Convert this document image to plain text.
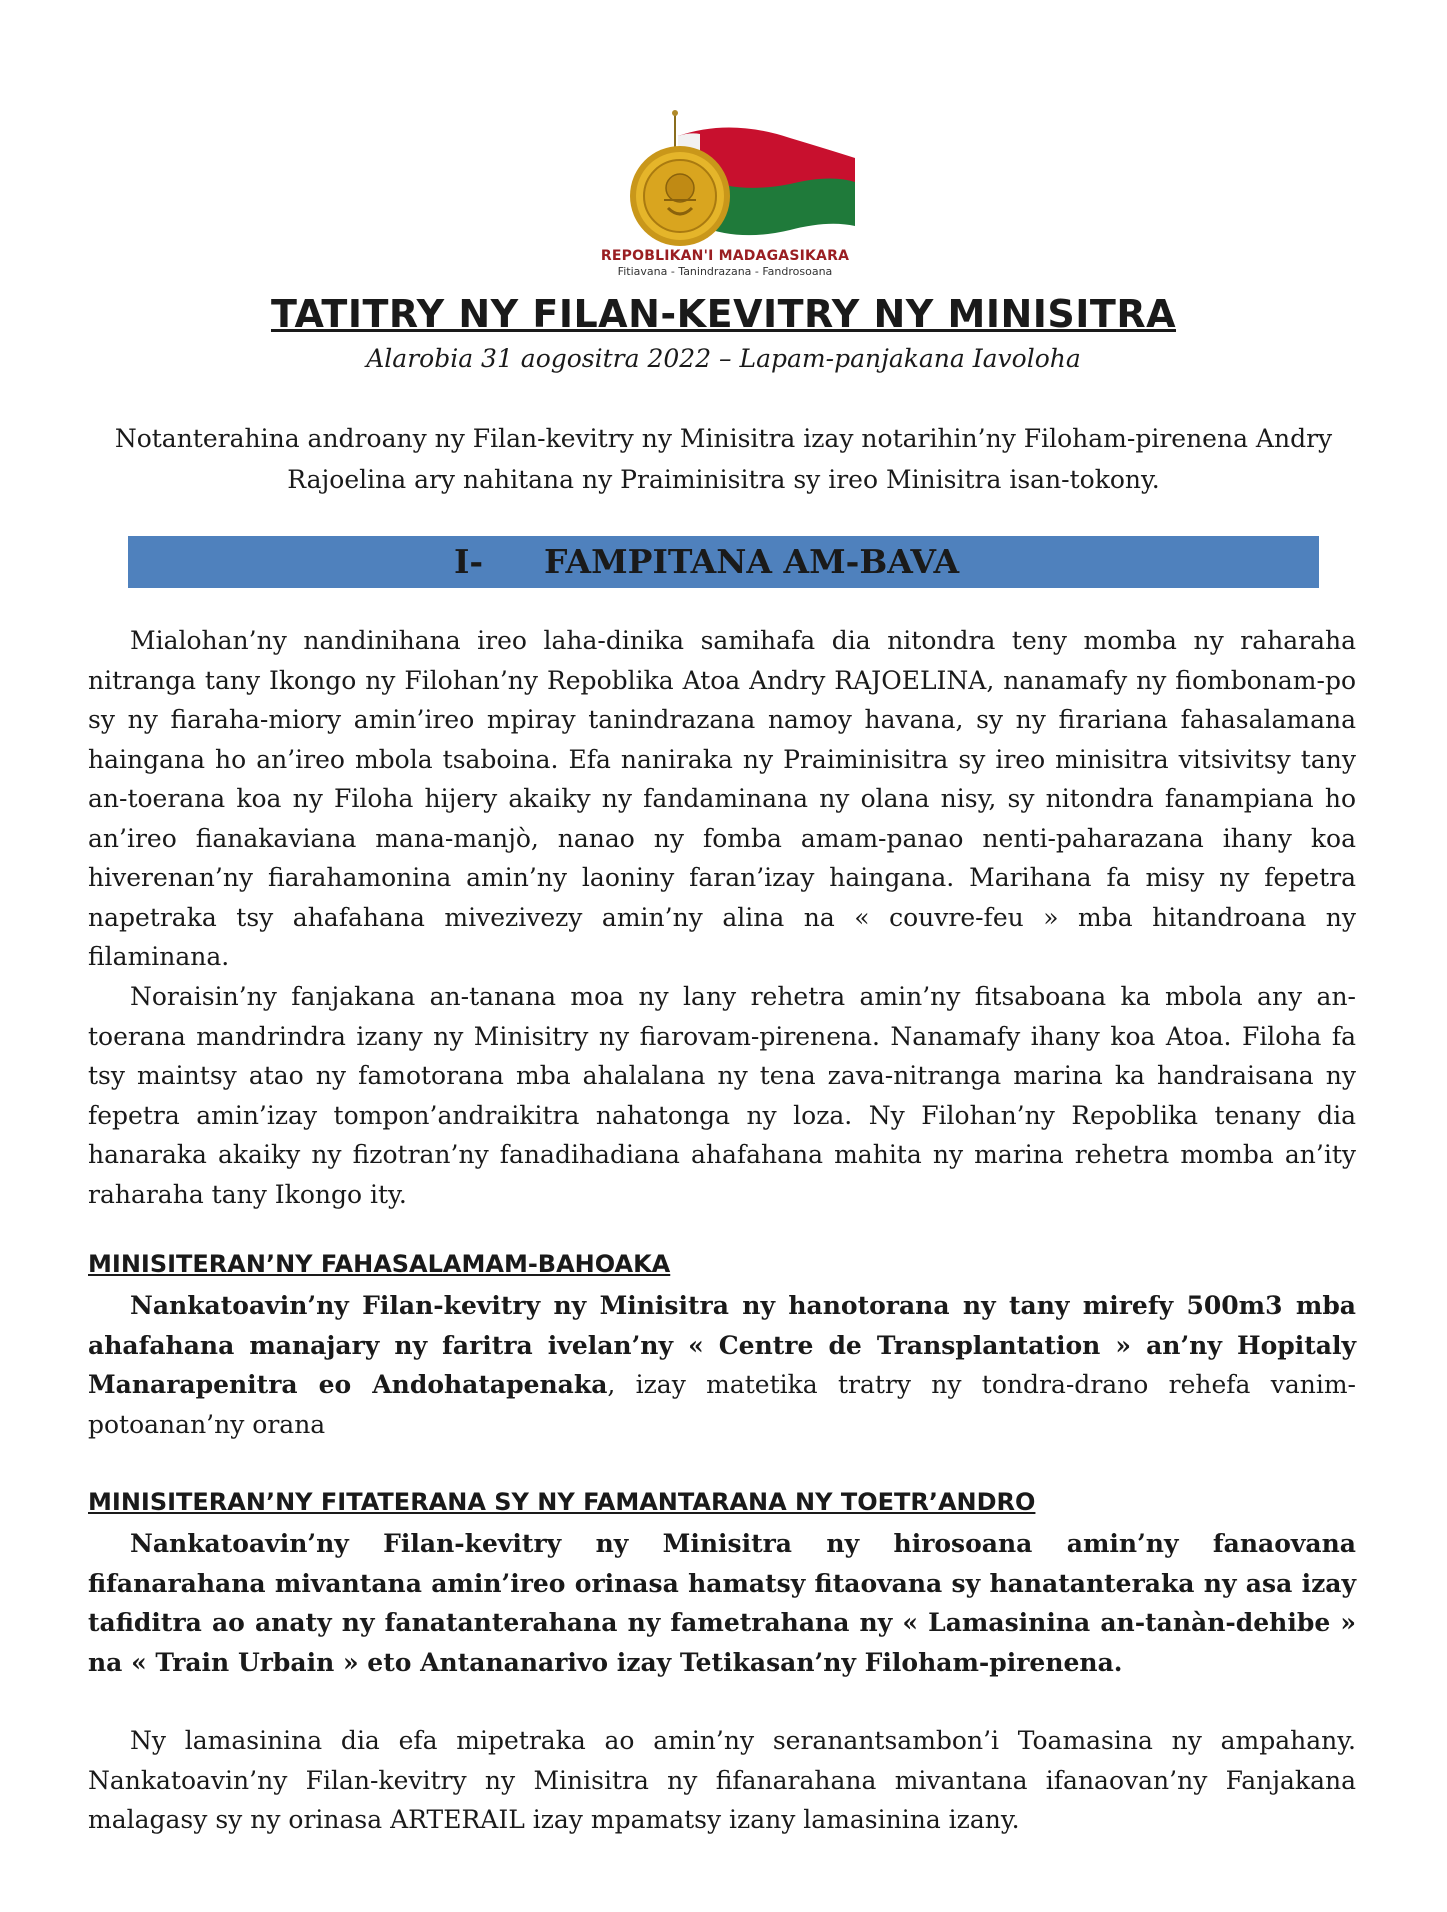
REPOBLIKAN'I MADAGASIKARA
Fitiavana - Tanindrazana - Fandrosoana
TATITRY NY FILAN-KEVITRY NY MINISITRA
Alarobia 31 aogositra 2022 – Lapam-panjakana Iavoloha
Notanterahina androany ny Filan-kevitry ny Minisitra izay notarihin’ny Filoham-pirenena Andry Rajoelina ary nahitana ny Praiminisitra sy ireo Minisitra isan-tokony.
I- FAMPITANA AM-BAVA
Mialohan’ny nandinihana ireo laha-dinika samihafa dia nitondra teny momba ny raharaha nitranga tany Ikongo ny Filohan’ny Repoblika Atoa Andry RAJOELINA, nanamafy ny fiombonam-po sy ny fiaraha-miory amin’ireo mpiray tanindrazana namoy havana, sy ny firariana fahasalamana haingana ho an’ireo mbola tsaboina. Efa naniraka ny Praiminisitra sy ireo minisitra vitsivitsy tany an-toerana koa ny Filoha hijery akaiky ny fandaminana ny olana nisy, sy nitondra fanampiana ho an’ireo fianakaviana mana-manjò, nanao ny fomba amam-panao nenti-paharazana ihany koa hiverenan’ny fiarahamonina amin’ny laoniny faran’izay haingana. Marihana fa misy ny fepetra napetraka tsy ahafahana mivezivezy amin’ny alina na « couvre-feu » mba hitandroana ny filaminana.
Noraisin’ny fanjakana an-tanana moa ny lany rehetra amin’ny fitsaboana ka mbola any an-toerana mandrindra izany ny Minisitry ny fiarovam-pirenena. Nanamafy ihany koa Atoa. Filoha fa tsy maintsy atao ny famotorana mba ahalalana ny tena zava-nitranga marina ka handraisana ny fepetra amin’izay tompon’andraikitra nahatonga ny loza. Ny Filohan’ny Repoblika tenany dia hanaraka akaiky ny fizotran’ny fanadihadiana ahafahana mahita ny marina rehetra momba an’ity raharaha tany Ikongo ity.
MINISITERAN’NY FAHASALAMAM-BAHOAKA
Nankatoavin’ny Filan-kevitry ny Minisitra ny hanotorana ny tany mirefy 500m3 mba ahafahana manajary ny faritra ivelan’ny « Centre de Transplantation » an’ny Hopitaly Manarapenitra eo Andohatapenaka, izay matetika tratry ny tondra-drano rehefa vanim-potoanan’ny orana
MINISITERAN’NY FITATERANA SY NY FAMANTARANA NY TOETR’ANDRO
Nankatoavin’ny Filan-kevitry ny Minisitra ny hirosoana amin’ny fanaovana fifanarahana mivantana amin’ireo orinasa hamatsy fitaovana sy hanatanteraka ny asa izay tafiditra ao anaty ny fanatanterahana ny fametrahana ny « Lamasinina an-tanàn-dehibe » na « Train Urbain » eto Antananarivo izay Tetikasan’ny Filoham-pirenena.
Ny lamasinina dia efa mipetraka ao amin’ny seranantsambon’i Toamasina ny ampahany. Nankatoavin’ny Filan-kevitry ny Minisitra ny fifanarahana mivantana ifanaovan’ny Fanjakana malagasy sy ny orinasa ARTERAIL izay mpamatsy izany lamasinina izany.
